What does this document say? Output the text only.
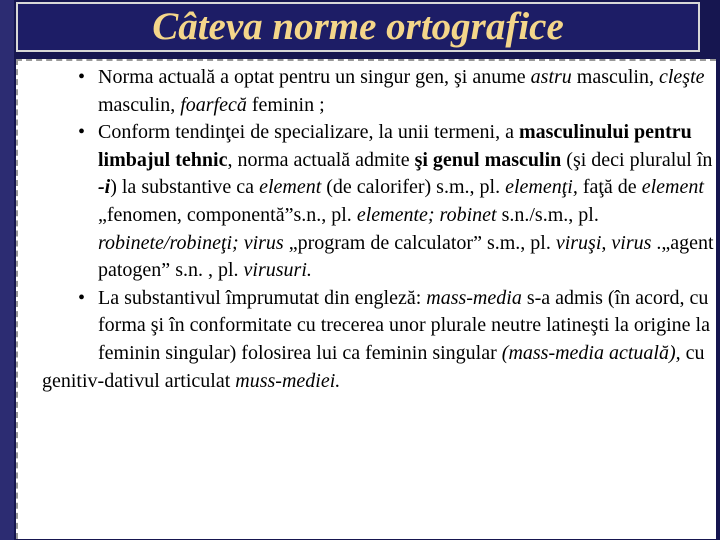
Câteva norme ortografice
• Norma actuală a optat pentru un singur gen, şi anume astru masculin, cleşte masculin, foarfecă feminin ;
• Conform tendinţei de specializare, la unii termeni, a masculinului pentru limbajul tehnic, norma actuală admite şi genul masculin (şi deci pluralul în -i) la substantive ca element (de calorifer) s.m., pl. elemenţi, faţă de element „fenomen, componentă”s.n., pl. elemente; robinet s.n./s.m., pl. robinete/robineţi; virus „program de calculator” s.m., pl. viruşi, virus .„agent patogen” s.n. , pl. virusuri.
• La substantivul împrumutat din engleză: mass-media s-a admis (în acord, cu forma şi în conformitate cu trecerea unor plurale neutre latineşti la origine la feminin singular) folosirea lui ca feminin singular (mass-media actuală), cu
genitiv-dativul articulat muss-mediei.
